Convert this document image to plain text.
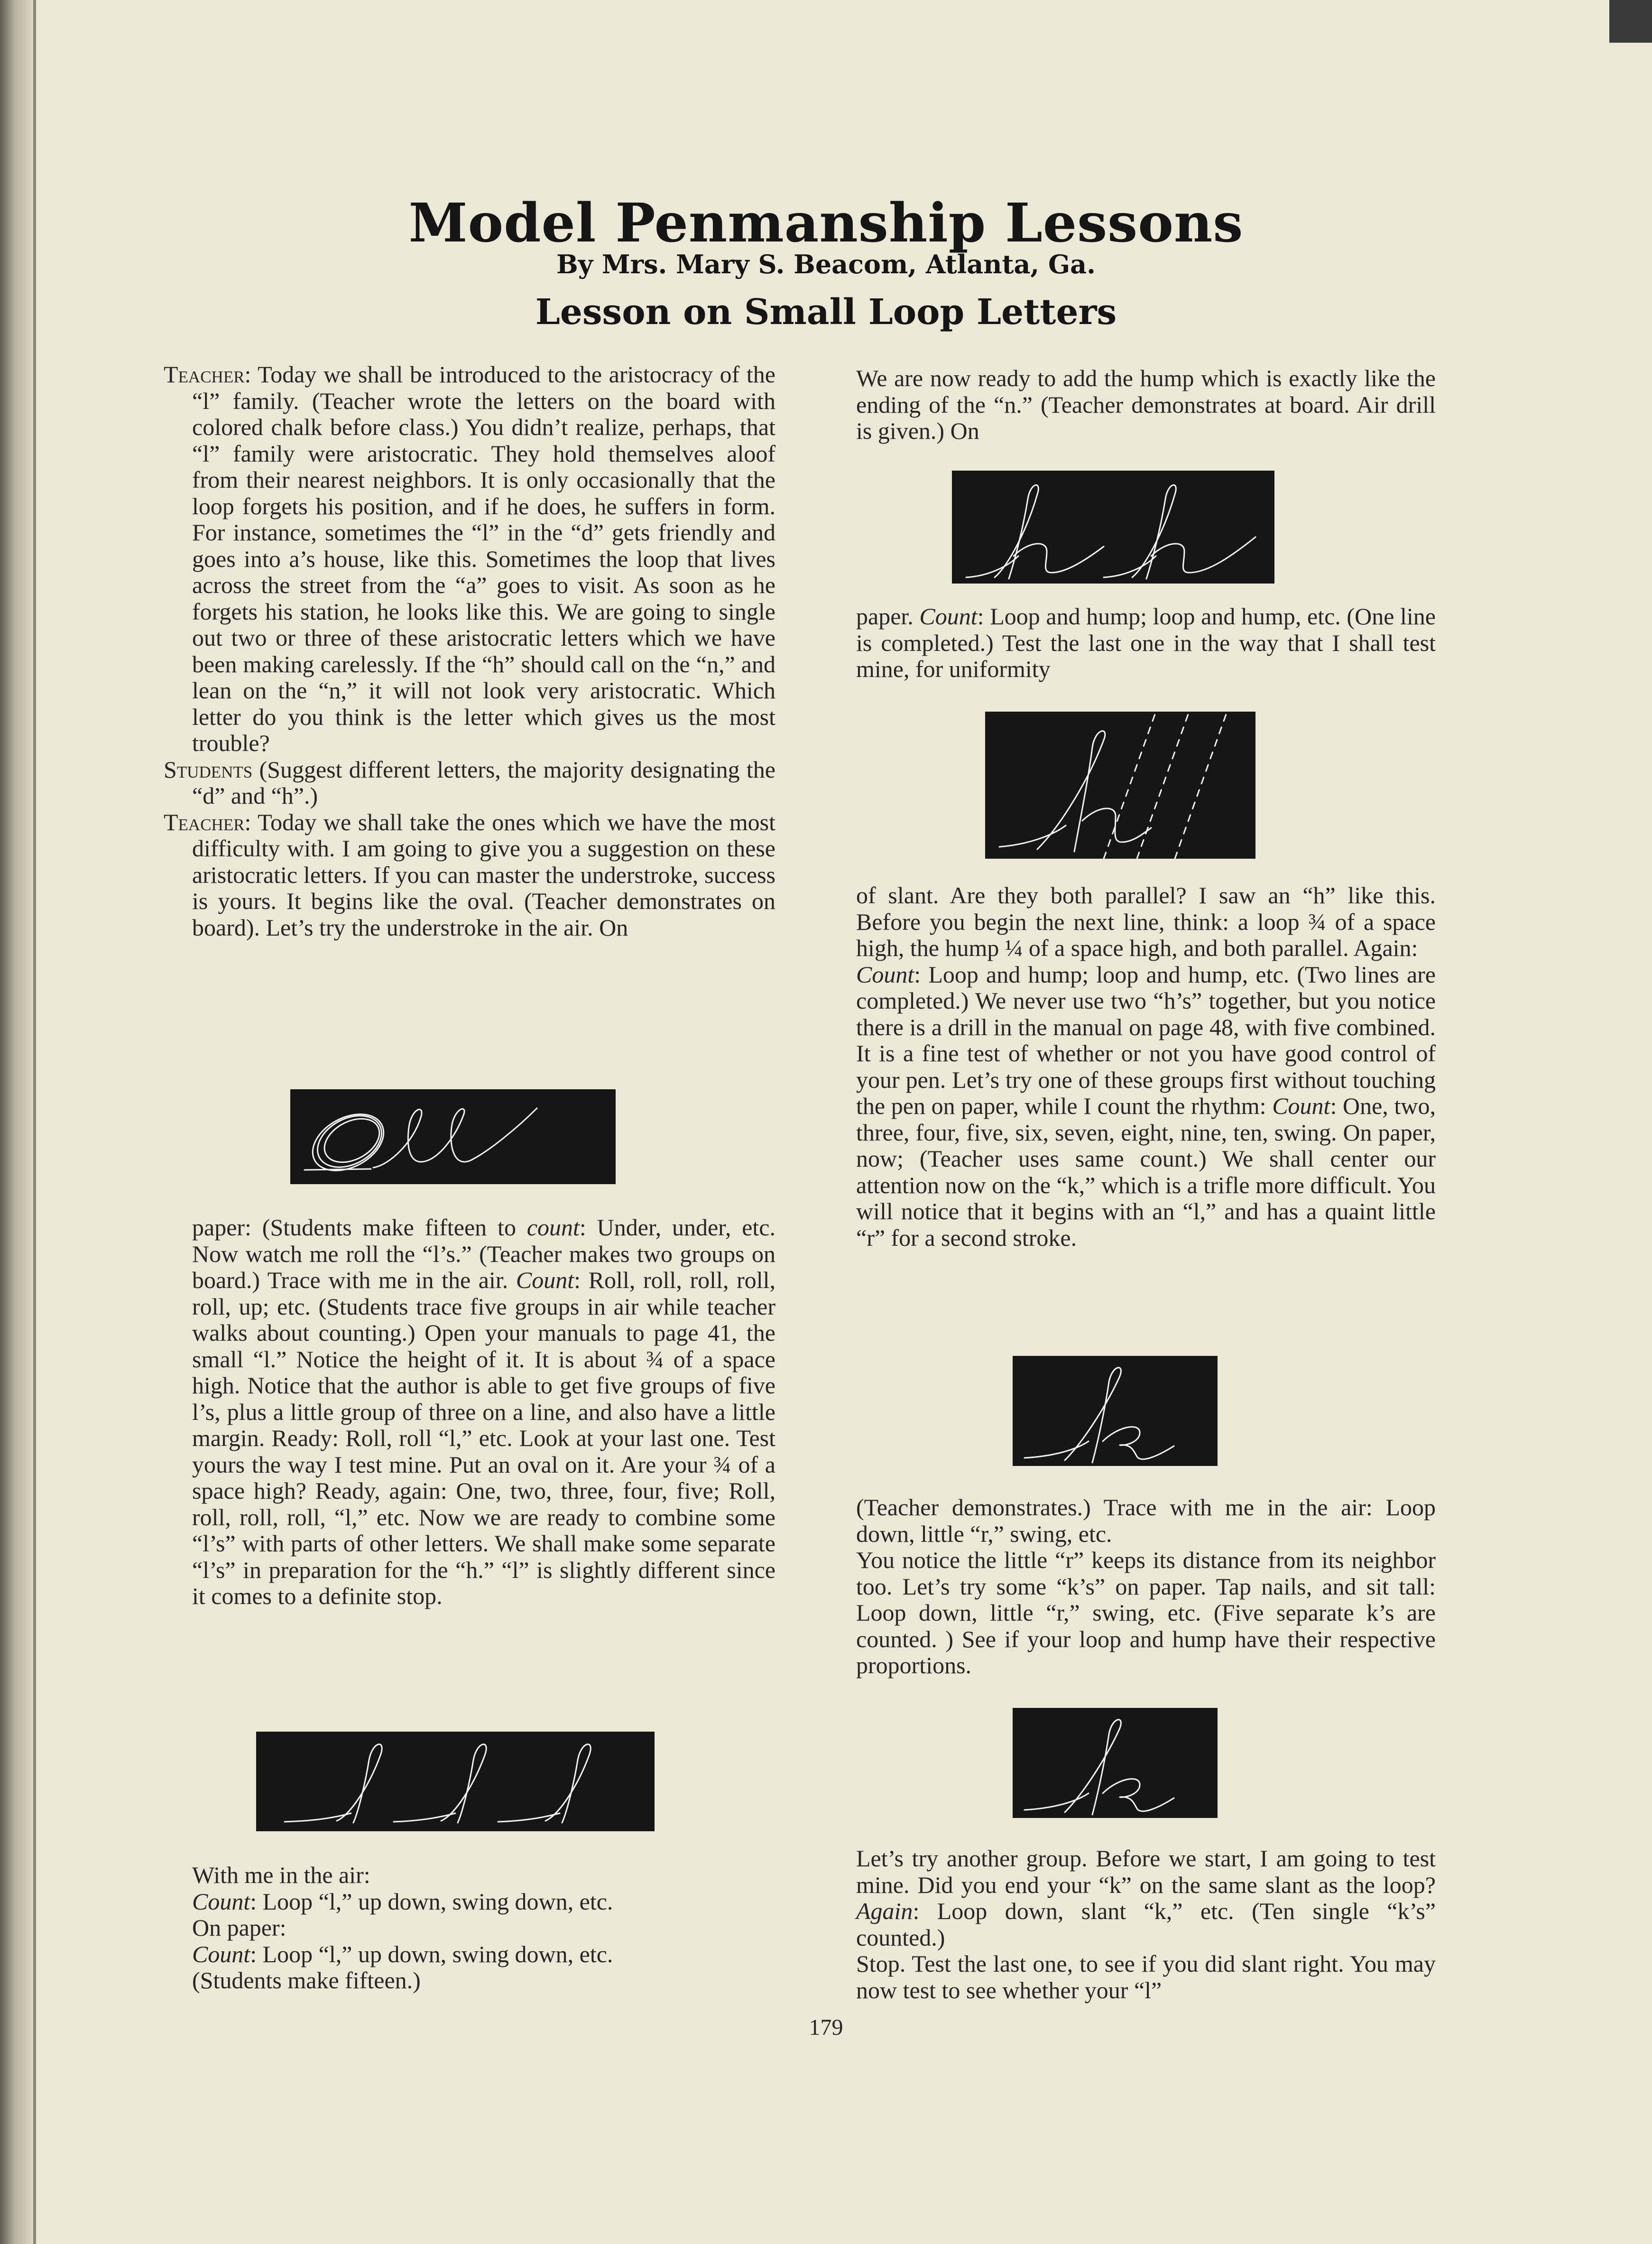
Model Penmanship Lessons
By Mrs. Mary S. Beacom, Atlanta, Ga.
Lesson on Small Loop Letters

Teacher: Today we shall be introduced to the aristocracy of the “l” family. (Teacher wrote the letters on the board with colored chalk before class.) You didn’t realize, perhaps, that “l” family were aristocratic. They hold themselves aloof from their nearest neighbors. It is only occasionally that the loop forgets his position, and if he does, he suffers in form. For instance, sometimes the “l” in the “d” gets friendly and goes into a’s house, like this. Sometimes the loop that lives across the street from the “a” goes to visit. As soon as he forgets his station, he looks like this. We are going to single out two or three of these aristocratic letters which we have been making carelessly. If the “h” should call on the “n,” and lean on the “n,” it will not look very aristocratic. Which letter do you think is the letter which gives us the most trouble?

Students (Suggest different letters, the majority designating the “d” and “h”.)

Teacher: Today we shall take the ones which we have the most difficulty with. I am going to give you a suggestion on these aristocratic letters. If you can master the understroke, success is yours. It begins like the oval. (Teacher demonstrates on board). Let’s try the understroke in the air. On

paper: (Students make fifteen to count: Under, under, etc. Now watch me roll the “l’s.” (Teacher makes two groups on board.) Trace with me in the air. Count: Roll, roll, roll, roll, roll, up; etc. (Students trace five groups in air while teacher walks about counting.) Open your manuals to page 41, the small “l.” Notice the height of it. It is about ¾ of a space high. Notice that the author is able to get five groups of five l’s, plus a little group of three on a line, and also have a little margin. Ready: Roll, roll “l,” etc. Look at your last one. Test yours the way I test mine. Put an oval on it. Are your ¾ of a space high? Ready, again: One, two, three, four, five; Roll, roll, roll, roll, “l,” etc. Now we are ready to combine some “l’s” with parts of other letters. We shall make some separate “l’s” in preparation for the “h.” “l” is slightly different since it comes to a definite stop.

With me in the air:

Count: Loop “l,” up down, swing down, etc.

On paper:

Count: Loop “l,” up down, swing down, etc.

(Students make fifteen.)

We are now ready to add the hump which is exactly like the ending of the “n.” (Teacher demonstrates at board. Air drill is given.) On

paper. Count: Loop and hump; loop and hump, etc. (One line is completed.) Test the last one in the way that I shall test mine, for uniformity

of slant. Are they both parallel? I saw an “h” like this. Before you begin the next line, think: a loop ¾ of a space high, the hump ¼ of a space high, and both parallel. Again:
Count: Loop and hump; loop and hump, etc. (Two lines are completed.) We never use two “h’s” together, but you notice there is a drill in the manual on page 48, with five combined. It is a fine test of whether or not you have good control of your pen. Let’s try one of these groups first without touching the pen on paper, while I count the rhythm: Count: One, two, three, four, five, six, seven, eight, nine, ten, swing. On paper, now; (Teacher uses same count.) We shall center our attention now on the “k,” which is a trifle more difficult. You will notice that it begins with an “l,” and has a quaint little “r” for a second stroke.

(Teacher demonstrates.) Trace with me in the air: Loop down, little “r,” swing, etc.

You notice the little “r” keeps its distance from its neighbor too. Let’s try some “k’s” on paper. Tap nails, and sit tall: Loop down, little “r,” swing, etc. (Five separate k’s are counted. ) See if your loop and hump have their respective proportions.

Let’s try another group. Before we start, I am going to test mine. Did you end your “k” on the same slant as the loop? Again: Loop down, slant “k,” etc. (Ten single “k’s” counted.)

Stop. Test the last one, to see if you did slant right. You may now test to see whether your “l”

179
